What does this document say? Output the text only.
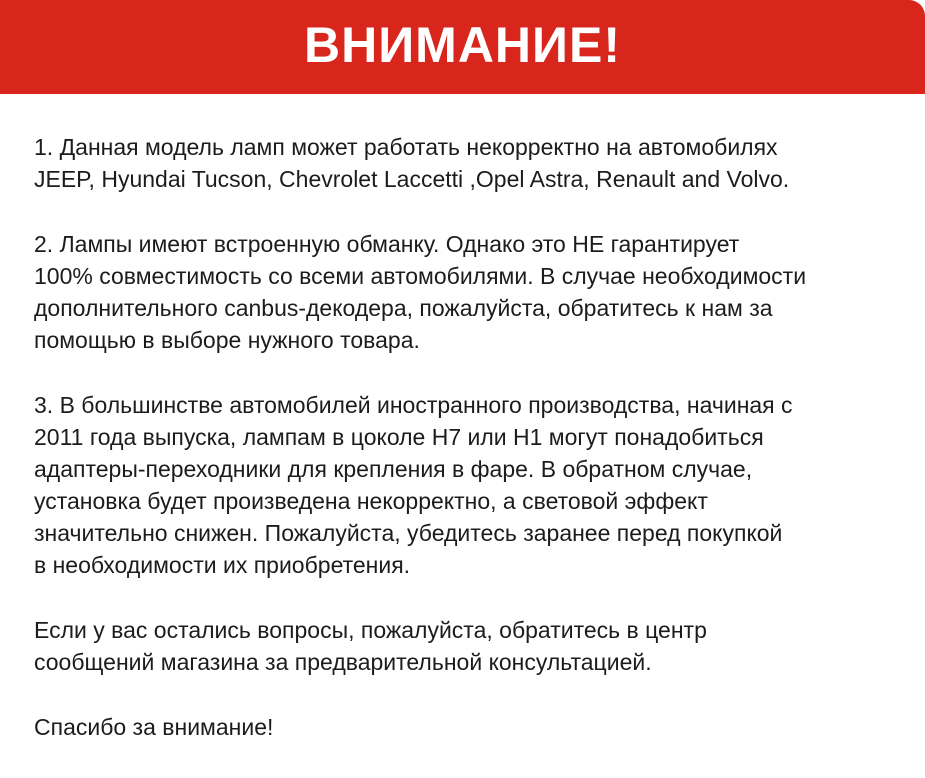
ВНИМАНИЕ!

1. Данная модель ламп может работать некорректно на автомобилях
JEEP, Hyundai Tucson, Chevrolet Laccetti ,Opel Astra, Renault and Volvo.

2. Лампы имеют встроенную обманку. Однако это НЕ гарантирует
100% совместимость со всеми автомобилями. В случае необходимости
дополнительного canbus-декодера, пожалуйста, обратитесь к нам за
помощью в выборе нужного товара.

3. В большинстве автомобилей иностранного производства, начиная с
2011 года выпуска, лампам в цоколе H7 или H1 могут понадобиться
адаптеры-переходники для крепления в фаре. В обратном случае,
установка будет произведена некорректно, а световой эффект
значительно снижен. Пожалуйста, убедитесь заранее перед покупкой
в необходимости их приобретения.

Если у вас остались вопросы, пожалуйста, обратитесь в центр
сообщений магазина за предварительной консультацией.

Спасибо за внимание!
